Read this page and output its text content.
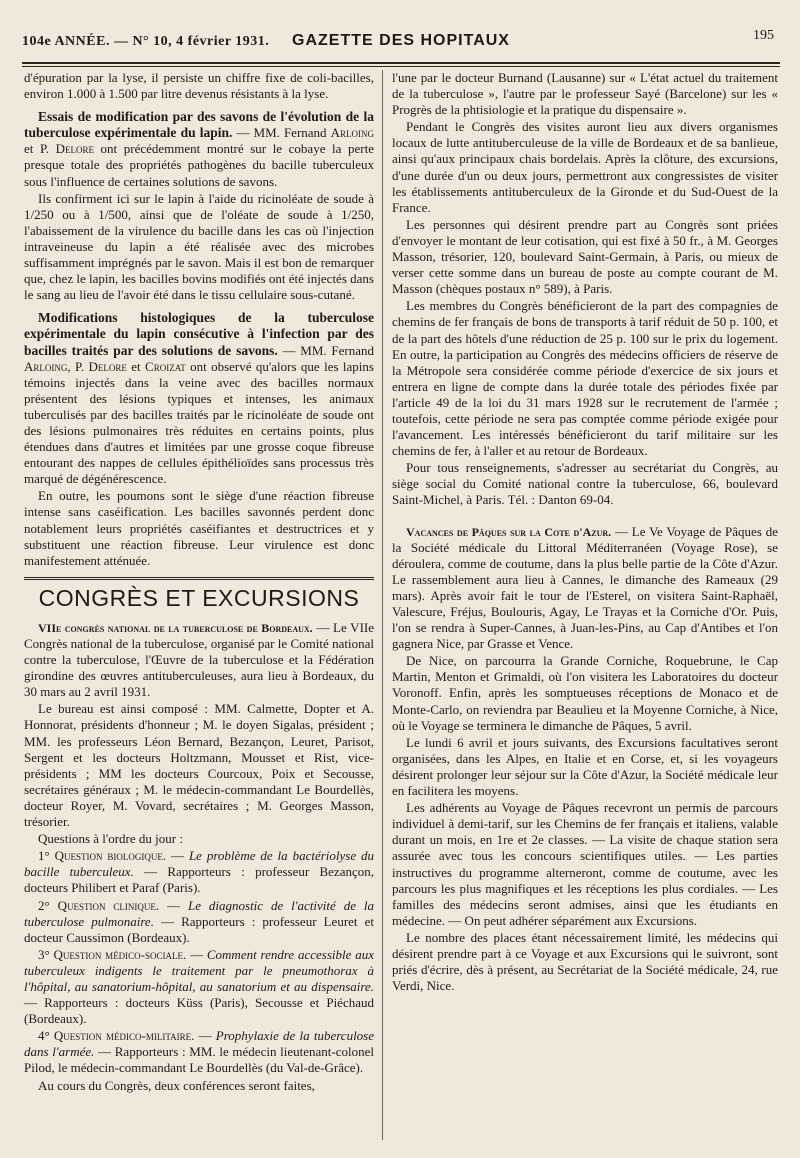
104e ANNÉE. — N° 10, 4 février 1931.	GAZETTE DES HOPITAUX	195

d'épuration par la lyse, il persiste un chiffre fixe de coli-bacilles, environ 1.000 à 1.500 par litre devenus résistants à la lyse.

Essais de modification par des savons de l'évolution de la tuberculose expérimentale du lapin. — MM. Fernand Arloing et P. Delore ont précédemment montré sur le cobaye la perte presque totale des propriétés pathogènes du bacille tuberculeux sous l'influence de certaines solutions de savons.

Ils confirment ici sur le lapin à l'aide du ricinoléate de soude à 1/250 ou à 1/500, ainsi que de l'oléate de soude à 1/250, l'abaissement de la virulence du bacille dans les cas où l'injection intraveineuse du lapin a été réalisée avec des microbes suffisamment imprégnés par le savon. Mais il est bon de remarquer que, chez le lapin, les bacilles bovins modifiés ont été injectés dans le sang au lieu de l'avoir été dans le tissu cellulaire sous-cutané.

Modifications histologiques de la tuberculose expérimentale du lapin consécutive à l'infection par des bacilles traités par des solutions de savons. — MM. Fernand Arloing, P. Delore et Croizat ont observé qu'alors que les lapins témoins injectés dans la veine avec des bacilles normaux présentent des lésions typiques et intenses, les animaux tuberculisés par des bacilles traités par le ricinoléate de soude ont des lésions pulmonaires très réduites en certains points, plus étendues dans d'autres et limitées par une grosse coque fibreuse entourant des nappes de cellules épithélioïdes sans processus très marqué de dégénérescence.

En outre, les poumons sont le siège d'une réaction fibreuse intense sans caséification. Les bacilles savonnés perdent donc notablement leurs propriétés caséifiantes et destructrices et y substituent une réaction fibreuse. Leur virulence est donc manifestement atténuée.

CONGRÈS ET EXCURSIONS

VIIe congrès national de la tuberculose de Bordeaux. — Le VIIe Congrès national de la tuberculose, organisé par le Comité national contre la tuberculose, l'Œuvre de la tuberculose et la Fédération girondine des œuvres antituberculeuses, aura lieu à Bordeaux, du 30 mars au 2 avril 1931.

Le bureau est ainsi composé : MM. Calmette, Dopter et A. Honnorat, présidents d'honneur ; M. le doyen Sigalas, président ; MM. les professeurs Léon Bernard, Bezançon, Leuret, Parisot, Sergent et les docteurs Holtzmann, Mousset et Rist, vice-présidents ; MM les docteurs Courcoux, Poix et Secousse, secrétaires généraux ; M. le médecin-commandant Le Bourdellès, docteur Royer, M. Vovard, secrétaires ; M. Georges Masson, trésorier.

Questions à l'ordre du jour :

1° Question biologique. — Le problème de la bactériolyse du bacille tuberculeux. — Rapporteurs : professeur Bezançon, docteurs Philibert et Paraf (Paris).

2° Question clinique. — Le diagnostic de l'activité de la tuberculose pulmonaire. — Rapporteurs : professeur Leuret et docteur Caussimon (Bordeaux).

3° Question médico-sociale. — Comment rendre accessible aux tuberculeux indigents le traitement par le pneumothorax à l'hôpital, au sanatorium-hôpital, au sanatorium et au dispensaire. — Rapporteurs : docteurs Küss (Paris), Secousse et Piéchaud (Bordeaux).

4° Question médico-militaire. — Prophylaxie de la tuberculose dans l'armée. — Rapporteurs : MM. le médecin lieutenant-colonel Pilod, le médecin-commandant Le Bourdellès (du Val-de-Grâce).

Au cours du Congrès, deux conférences seront faites,

l'une par le docteur Burnand (Lausanne) sur « L'état actuel du traitement de la tuberculose », l'autre par le professeur Sayé (Barcelone) sur les « Progrès de la phtisiologie et la pratique du dispensaire ».

Pendant le Congrès des visites auront lieu aux divers organismes locaux de lutte antituberculeuse de la ville de Bordeaux et de sa banlieue, ainsi qu'aux principaux chais bordelais. Après la clôture, des excursions, d'une durée d'un ou deux jours, permettront aux congressistes de visiter les établissements antituberculeux de la Gironde et du Sud-Ouest de la France.

Les personnes qui désirent prendre part au Congrès sont priées d'envoyer le montant de leur cotisation, qui est fixé à 50 fr., à M. Georges Masson, trésorier, 120, boulevard Saint-Germain, à Paris, ou mieux de verser cette somme dans un bureau de poste au compte courant de M. Masson (chèques postaux n° 589), à Paris.

Les membres du Congrès bénéficieront de la part des compagnies de chemins de fer français de bons de transports à tarif réduit de 50 p. 100, et de la part des hôtels d'une réduction de 25 p. 100 sur le prix du logement. En outre, la participation au Congrès des médecins officiers de réserve de la Métropole sera considérée comme période d'exercice de six jours et entrera en ligne de compte dans la durée totale des périodes fixée par l'article 49 de la loi du 31 mars 1928 sur le recrutement de l'armée ; toutefois, cette période ne sera pas comptée comme période exigée pour l'avancement. Les intéressés bénéficieront du tarif militaire sur les chemins de fer, à l'aller et au retour de Bordeaux.

Pour tous renseignements, s'adresser au secrétariat du Congrès, au siège social du Comité national contre la tuberculose, 66, boulevard Saint-Michel, à Paris. Tél. : Danton 69-04.

Vacances de Pâques sur la Cote d'Azur. — Le Ve Voyage de Pâques de la Société médicale du Littoral Méditerranéen (Voyage Rose), se déroulera, comme de coutume, dans la plus belle partie de la Côte d'Azur. Le rassemblement aura lieu à Cannes, le dimanche des Rameaux (29 mars). Après avoir fait le tour de l'Esterel, on visitera Saint-Raphaël, Valescure, Fréjus, Boulouris, Agay, Le Trayas et la Corniche d'Or. Puis, l'on se rendra à Super-Cannes, à Juan-les-Pins, au Cap d'Antibes et l'on gagnera Nice, par Grasse et Vence.

De Nice, on parcourra la Grande Corniche, Roquebrune, le Cap Martin, Menton et Grimaldi, où l'on visitera les Laboratoires du docteur Voronoff. Enfin, après les somptueuses réceptions de Monaco et de Monte-Carlo, on reviendra par Beaulieu et la Moyenne Corniche, à Nice, où le Voyage se terminera le dimanche de Pâques, 5 avril.

Le lundi 6 avril et jours suivants, des Excursions facultatives seront organisées, dans les Alpes, en Italie et en Corse, et, si les voyageurs désirent prolonger leur séjour sur la Côte d'Azur, la Société médicale leur en facilitera les moyens.

Les adhérents au Voyage de Pâques recevront un permis de parcours individuel à demi-tarif, sur les Chemins de fer français et italiens, valable durant un mois, en 1re et 2e classes. — La visite de chaque station sera assurée avec tous les concours scientifiques utiles. — Les parties instructives du programme alterneront, comme de coutume, avec les parcours les plus magnifiques et les réceptions les plus cordiales. — Les familles des médecins seront admises, ainsi que les étudiants en médecine. — On peut adhérer séparément aux Excursions.

Le nombre des places étant nécessairement limité, les médecins qui désirent prendre part à ce Voyage et aux Excursions qui le suivront, sont priés d'écrire, dès à présent, au Secrétariat de la Société médicale, 24, rue Verdi, Nice.
